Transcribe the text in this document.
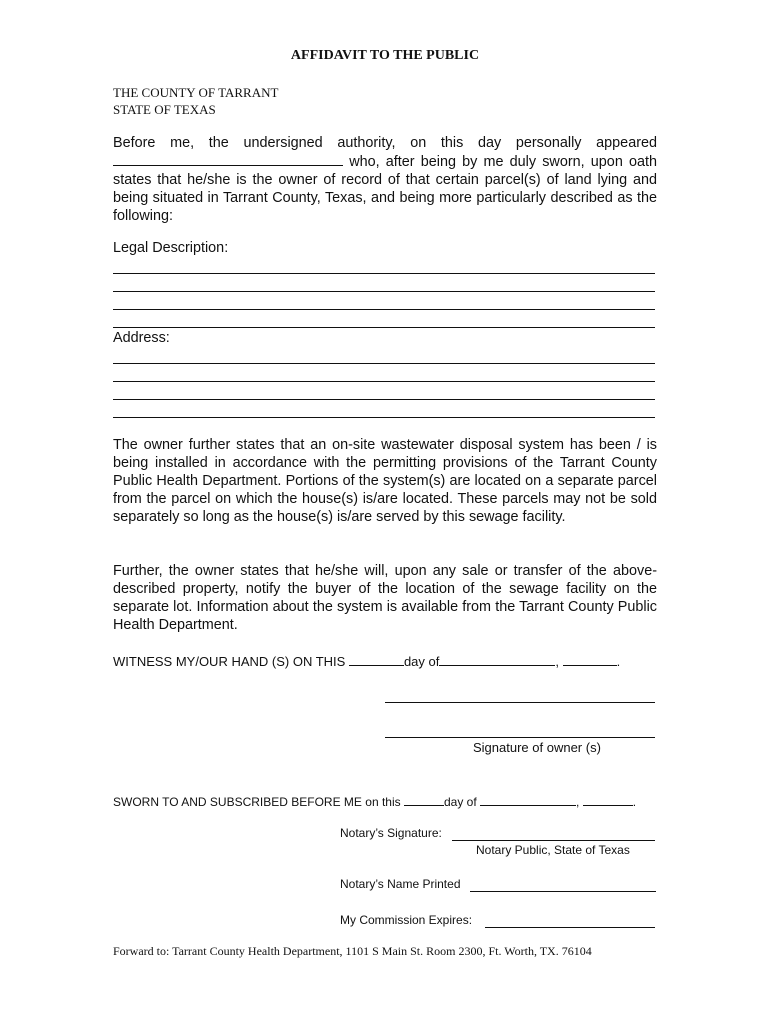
AFFIDAVIT TO THE PUBLIC
THE COUNTY OF TARRANT
STATE OF TEXAS
Before me, the undersigned authority, on this day personally appeared
who, after being by me duly sworn, upon oath states that he/she is the owner of record of that certain parcel(s) of land lying and being situated in Tarrant County, Texas, and being more particularly described as the following:
Legal Description:
Address:
The owner further states that an on-site wastewater disposal system has been / is being installed in accordance with the permitting provisions of the Tarrant County Public Health Department. Portions of the system(s) are located on a separate parcel from the parcel on which the house(s) is/are located. These parcels may not be sold separately so long as the house(s) is/are served by this sewage facility.
Further, the owner states that he/she will, upon any sale or transfer of the above-described property, notify the buyer of the location of the sewage facility on the separate lot. Information about the system is available from the Tarrant County Public Health Department.
WITNESS MY/OUR HAND (S) ON THIS	day of	,	.
Signature of owner (s)
SWORN TO AND SUBSCRIBED BEFORE ME on this	day of	,	.
Notary’s Signature:
Notary Public, State of Texas
Notary’s Name Printed
My Commission Expires:
Forward to: Tarrant County Health Department, 1101 S Main St. Room 2300, Ft. Worth, TX. 76104
